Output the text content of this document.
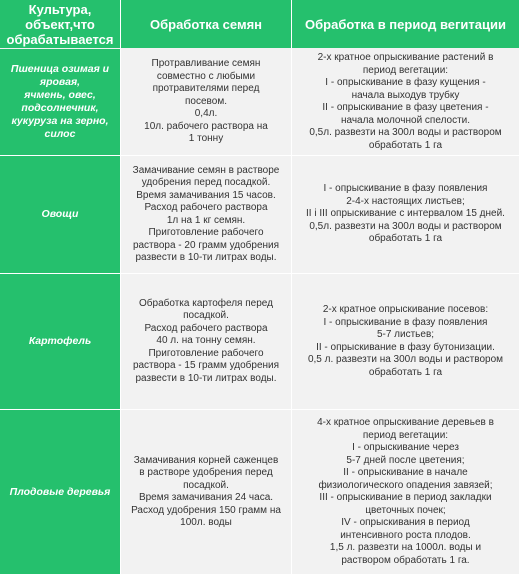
Культура,
объект,что
обрабатывается
Обработка семян	Обработка в период вегитации
Пшеница озимая и
яровая,
ячмень, овес,
подсолнечник,
кукуруза на зерно,
силос
Протравливание семян
совместно с любыми
протравителями перед
посевом.
0,4л.
10л. рабочего раствора на
1 тонну
2-х кратное опрыскивание растений в
период вегетации:
I - опрыскивание в фазу кущения -
начала выходув трубку
II - опрыскивание в фазу цветения -
начала молочной спелости.
0,5л. развезти на 300л воды и раствором
обработать 1 га
Овощи
Замачивание семян в растворе
удобрения перед посадкой.
Время замачивания 15 часов.
Расход рабочего раствора
1л на 1 кг семян.
Приготовление рабочего
раствора - 20 грамм удобрения
развести в 10-ти литрах воды.
I - опрыскивание в фазу появления
2-4-х настоящих листьев;
II i III опрыскивание с интервалом 15 дней.
0,5л. развезти на 300л воды и раствором
обработать 1 га
Картофель
Обработка картофеля перед
посадкой.
Расход рабочего раствора
40 л. на тонну семян.
Приготовление рабочего
раствора - 15 грамм удобрения
развести в 10-ти литрах воды.
2-х кратное опрыскивание посевов:
I - опрыскивание в фазу появления
5-7 листьев;
II - опрыскивание в фазу бутонизации.
0,5 л. развезти на 300л воды и раствором
обработать 1 га
Плодовые деревья
Замачивания корней саженцев
в растворе удобрения перед
посадкой.
Время замачивания 24 часа.
Расход удобрения 150 грамм на
100л. воды
4-х кратное опрыскивание деревьев в
период вегетации:
I - опрыскивание через
5-7 дней после цветения;
II - опрыскивание в начале
физиологического опадения завязей;
III - опрыскивание в период закладки
цветочных почек;
IV - опрыскивания в период
интенсивного роста плодов.
1,5 л. развезти на 1000л. воды и
раствором обработать 1 га.
